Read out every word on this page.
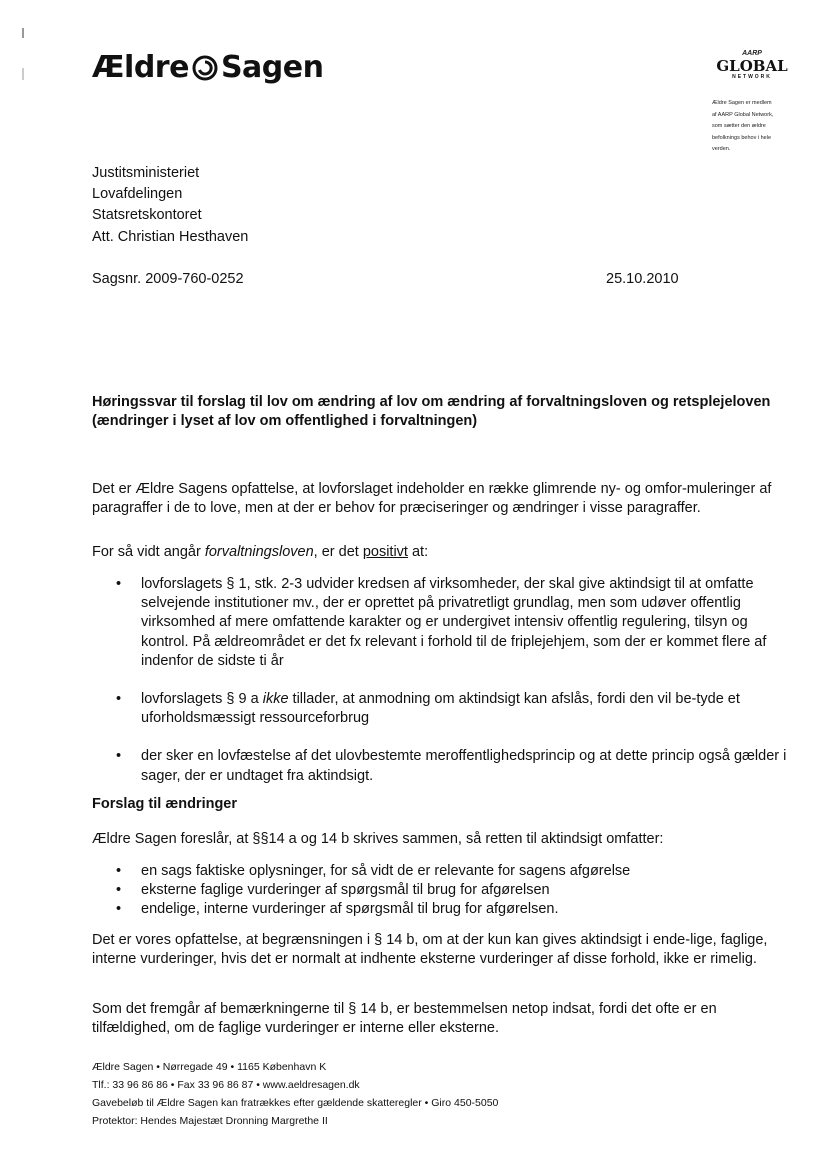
Ældre Sagen	AARP
GLOBAL
NETWORK
Ældre Sagen er medlem
af AARP Global Network,
som sætter den ældre
befolknings behov i hele
verden.
Justitsministeriet
Lovafdelingen
Statsretskontoret
Att. Christian Hesthaven
Sagsnr. 2009-760-0252	25.10.2010
Høringssvar til forslag til lov om ændring af lov om ændring af forvaltningsloven og retsplejeloven (ændringer i lyset af lov om offentlighed i forvaltningen)
Det er Ældre Sagens opfattelse, at lovforslaget indeholder en række glimrende ny- og omfor-muleringer af paragraffer i de to love, men at der er behov for præciseringer og ændringer i visse paragraffer.
For så vidt angår forvaltningsloven, er det positivt at:
• lovforslagets § 1, stk. 2-3 udvider kredsen af virksomheder, der skal give aktindsigt til at omfatte selvejende institutioner mv., der er oprettet på privatretligt grundlag, men som udøver offentlig virksomhed af mere omfattende karakter og er undergivet intensiv offentlig regulering, tilsyn og kontrol. På ældreområdet er det fx relevant i forhold til de friplejehjem, som der er kommet flere af indenfor de sidste ti år
• lovforslagets § 9 a ikke tillader, at anmodning om aktindsigt kan afslås, fordi den vil be-tyde et uforholdsmæssigt ressourceforbrug
• der sker en lovfæstelse af det ulovbestemte meroffentlighedsprincip og at dette princip også gælder i sager, der er undtaget fra aktindsigt.
Forslag til ændringer
Ældre Sagen foreslår, at §§14 a og 14 b skrives sammen, så retten til aktindsigt omfatter:
• en sags faktiske oplysninger, for så vidt de er relevante for sagens afgørelse
• eksterne faglige vurderinger af spørgsmål til brug for afgørelsen
• endelige, interne vurderinger af spørgsmål til brug for afgørelsen.
Det er vores opfattelse, at begrænsningen i § 14 b, om at der kun kan gives aktindsigt i ende-lige, faglige, interne vurderinger, hvis det er normalt at indhente eksterne vurderinger af disse forhold, ikke er rimelig.
Som det fremgår af bemærkningerne til § 14 b, er bestemmelsen netop indsat, fordi det ofte er en tilfældighed, om de faglige vurderinger er interne eller eksterne.
Ældre Sagen • Nørregade 49 • 1165 København K
Tlf.: 33 96 86 86 • Fax 33 96 86 87 • www.aeldresagen.dk
Gavebeløb til Ældre Sagen kan fratrækkes efter gældende skatteregler • Giro 450-5050
Protektor: Hendes Majestæt Dronning Margrethe II
